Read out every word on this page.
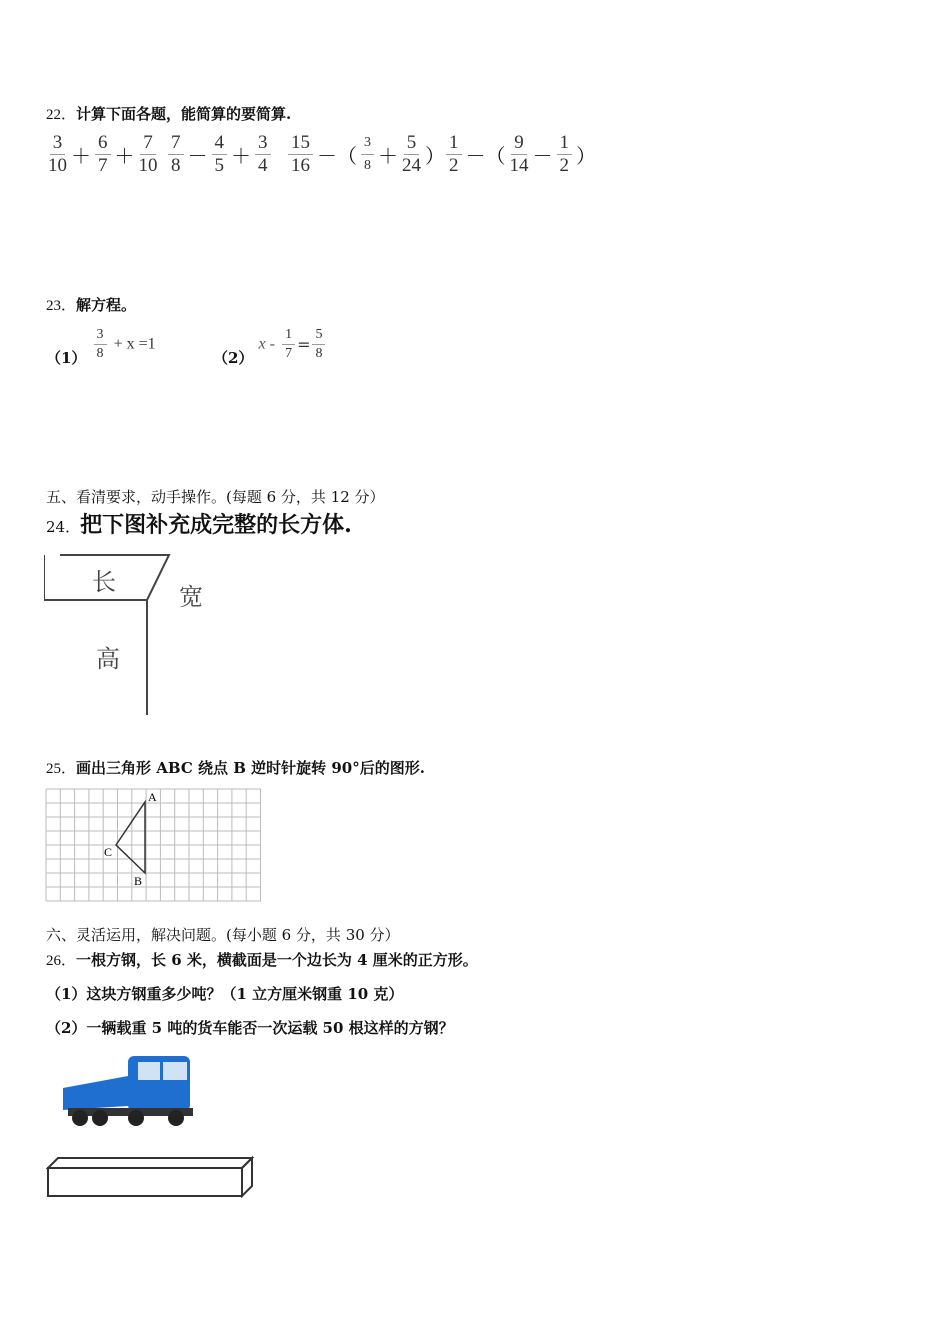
22．计算下面各题，能简算的要简算.
$\frac{3}{10} + \frac{6}{7} + \frac{7}{10} \frac{7}{8} - \frac{4}{5} + \frac{3}{4} \frac{15}{16}$ －（ $\frac{3}{8} + \frac{5}{24}$ ） $\frac{1}{2}$ －（ $\frac{9}{14} - \frac{1}{2}$ ）
23．解方程。
$(1) \frac{3}{8} + x =1$
（2） $x - \frac{1}{7} = \frac{5}{8}$
五、看清要求，动手操作。(每题 6 分，共 12 分）
24．把下图补充成完整的长方体.
长
宽
高
25．画出三角形 ABC 绕点 B 逆时针旋转 90°后的图形.
A
B
C
六、灵活运用，解决问题。(每小题 6 分，共 30 分）
26．一根方钢，长 6 米，横截面是一个边长为 4 厘米的正方形。
（1）这块方钢重多少吨？（1 立方厘米钢重 10 克）
（2）一辆载重 5 吨的货车能否一次运载 50 根这样的方钢？
